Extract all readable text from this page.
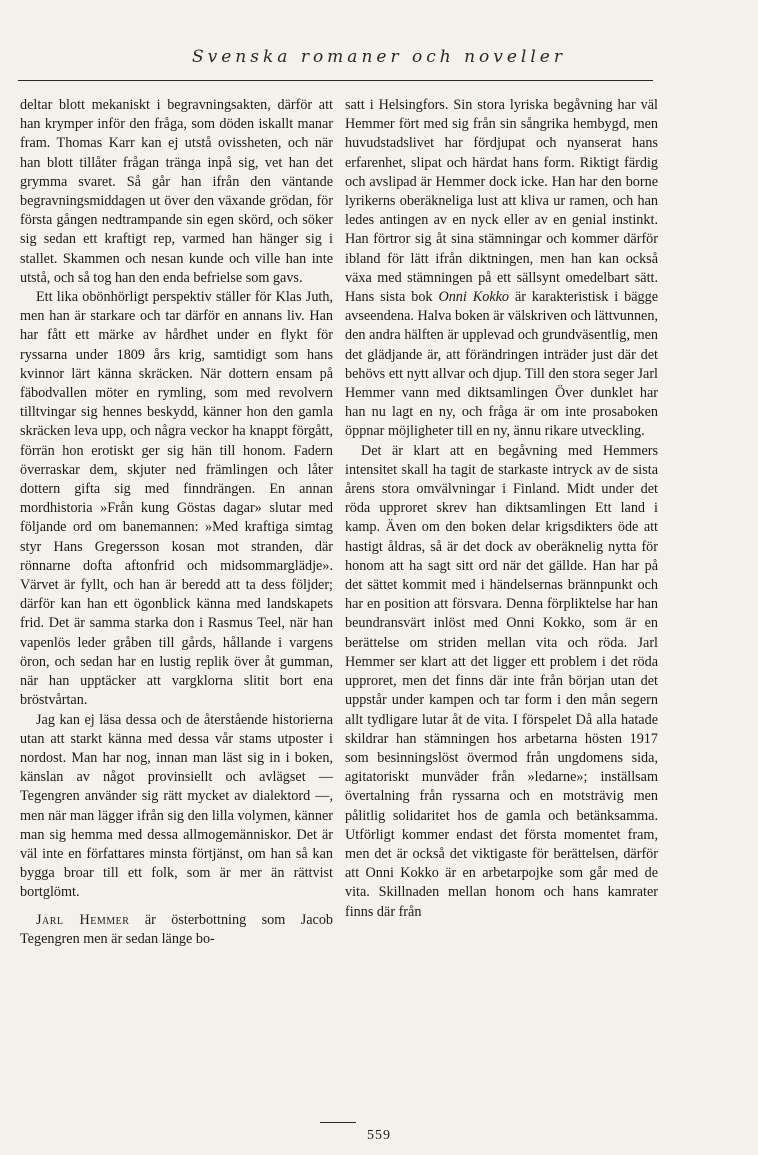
Svenska romaner och noveller

deltar blott mekaniskt i begravningsakten, därför att han krymper inför den fråga, som döden iskallt manar fram. Thomas Karr kan ej utstå ovissheten, och när han blott tillåter frågan tränga inpå sig, vet han det grymma svaret. Så går han ifrån den väntande begravningsmiddagen ut över den växande grödan, för första gången nedtrampande sin egen skörd, och söker sig sedan ett kraftigt rep, varmed han hänger sig i stallet. Skammen och nesan kunde och ville han inte utstå, och så tog han den enda befrielse som gavs.

Ett lika obönhörligt perspektiv ställer för Klas Juth, men han är starkare och tar därför en annans liv. Han har fått ett märke av hårdhet under en flykt för ryssarna under 1809 års krig, samtidigt som hans kvinnor lärt känna skräcken. När dottern ensam på fäbodvallen möter en rymling, som med revolvern tilltvingar sig hennes beskydd, känner hon den gamla skräcken leva upp, och några veckor ha knappt förgått, förrän hon erotiskt ger sig hän till honom. Fadern överraskar dem, skjuter ned främlingen och låter dottern gifta sig med finndrängen. En annan mordhistoria »Från kung Göstas dagar» slutar med följande ord om banemannen: »Med kraftiga simtag styr Hans Gregersson kosan mot stranden, där rönnarne dofta aftonfrid och midsommarglädje». Värvet är fyllt, och han är beredd att ta dess följder; därför kan han ett ögonblick känna med landskapets frid. Det är samma starka don i Rasmus Teel, när han vapenlös leder gråben till gårds, hållande i vargens öron, och sedan har en lustig replik över åt gumman, när han upptäcker att vargklorna slitit bort ena bröstvårtan.

Jag kan ej läsa dessa och de återstående historierna utan att starkt känna med dessa vår stams utposter i nordost. Man har nog, innan man läst sig in i boken, känslan av något provinsiellt och avlägset — Tegengren använder sig rätt mycket av dialektord —, men när man lägger ifrån sig den lilla volymen, känner man sig hemma med dessa allmogemänniskor. Det är väl inte en författares minsta förtjänst, om han så kan bygga broar till ett folk, som är mer än rättvist bortglömt.

Jarl Hemmer är österbottning som Jacob Tegengren men är sedan länge bo-

satt i Helsingfors. Sin stora lyriska begåvning har väl Hemmer fört med sig från sin sångrika hembygd, men huvudstadslivet har fördjupat och nyanserat hans erfarenhet, slipat och härdat hans form. Riktigt färdig och avslipad är Hemmer dock icke. Han har den borne lyrikerns oberäkneliga lust att kliva ur ramen, och han ledes antingen av en nyck eller av en genial instinkt. Han förtror sig åt sina stämningar och kommer därför ibland för lätt ifrån diktningen, men han kan också växa med stämningen på ett sällsynt omedelbart sätt. Hans sista bok Onni Kokko är karakteristisk i bägge avseendena. Halva boken är välskriven och lättvunnen, den andra hälften är upplevad och grundväsentlig, men det glädjande är, att förändringen inträder just där det behövs ett nytt allvar och djup. Till den stora seger Jarl Hemmer vann med diktsamlingen Över dunklet har han nu lagt en ny, och fråga är om inte prosaboken öppnar möjligheter till en ny, ännu rikare utveckling.

Det är klart att en begåvning med Hemmers intensitet skall ha tagit de starkaste intryck av de sista årens stora omvälvningar i Finland. Midt under det röda upproret skrev han diktsamlingen Ett land i kamp. Även om den boken delar krigsdikters öde att hastigt åldras, så är det dock av oberäknelig nytta för honom att ha sagt sitt ord när det gällde. Han har på det sättet kommit med i händelsernas brännpunkt och har en position att försvara. Denna förpliktelse har han beundransvärt inlöst med Onni Kokko, som är en berättelse om striden mellan vita och röda. Jarl Hemmer ser klart att det ligger ett problem i det röda upproret, men det finns där inte från början utan det uppstår under kampen och tar form i den mån segern allt tydligare lutar åt de vita. I förspelet Då alla hatade skildrar han stämningen hos arbetarna hösten 1917 som besinningslöst övermod från ungdomens sida, agitatoriskt munväder från »ledarne»; inställsam övertalning från ryssarna och en motsträvig men pålitlig solidaritet hos de gamla och betänksamma. Utförligt kommer endast det första momentet fram, men det är också det viktigaste för berättelsen, därför att Onni Kokko är en arbetarpojke som går med de vita. Skillnaden mellan honom och hans kamrater finns där från

559
